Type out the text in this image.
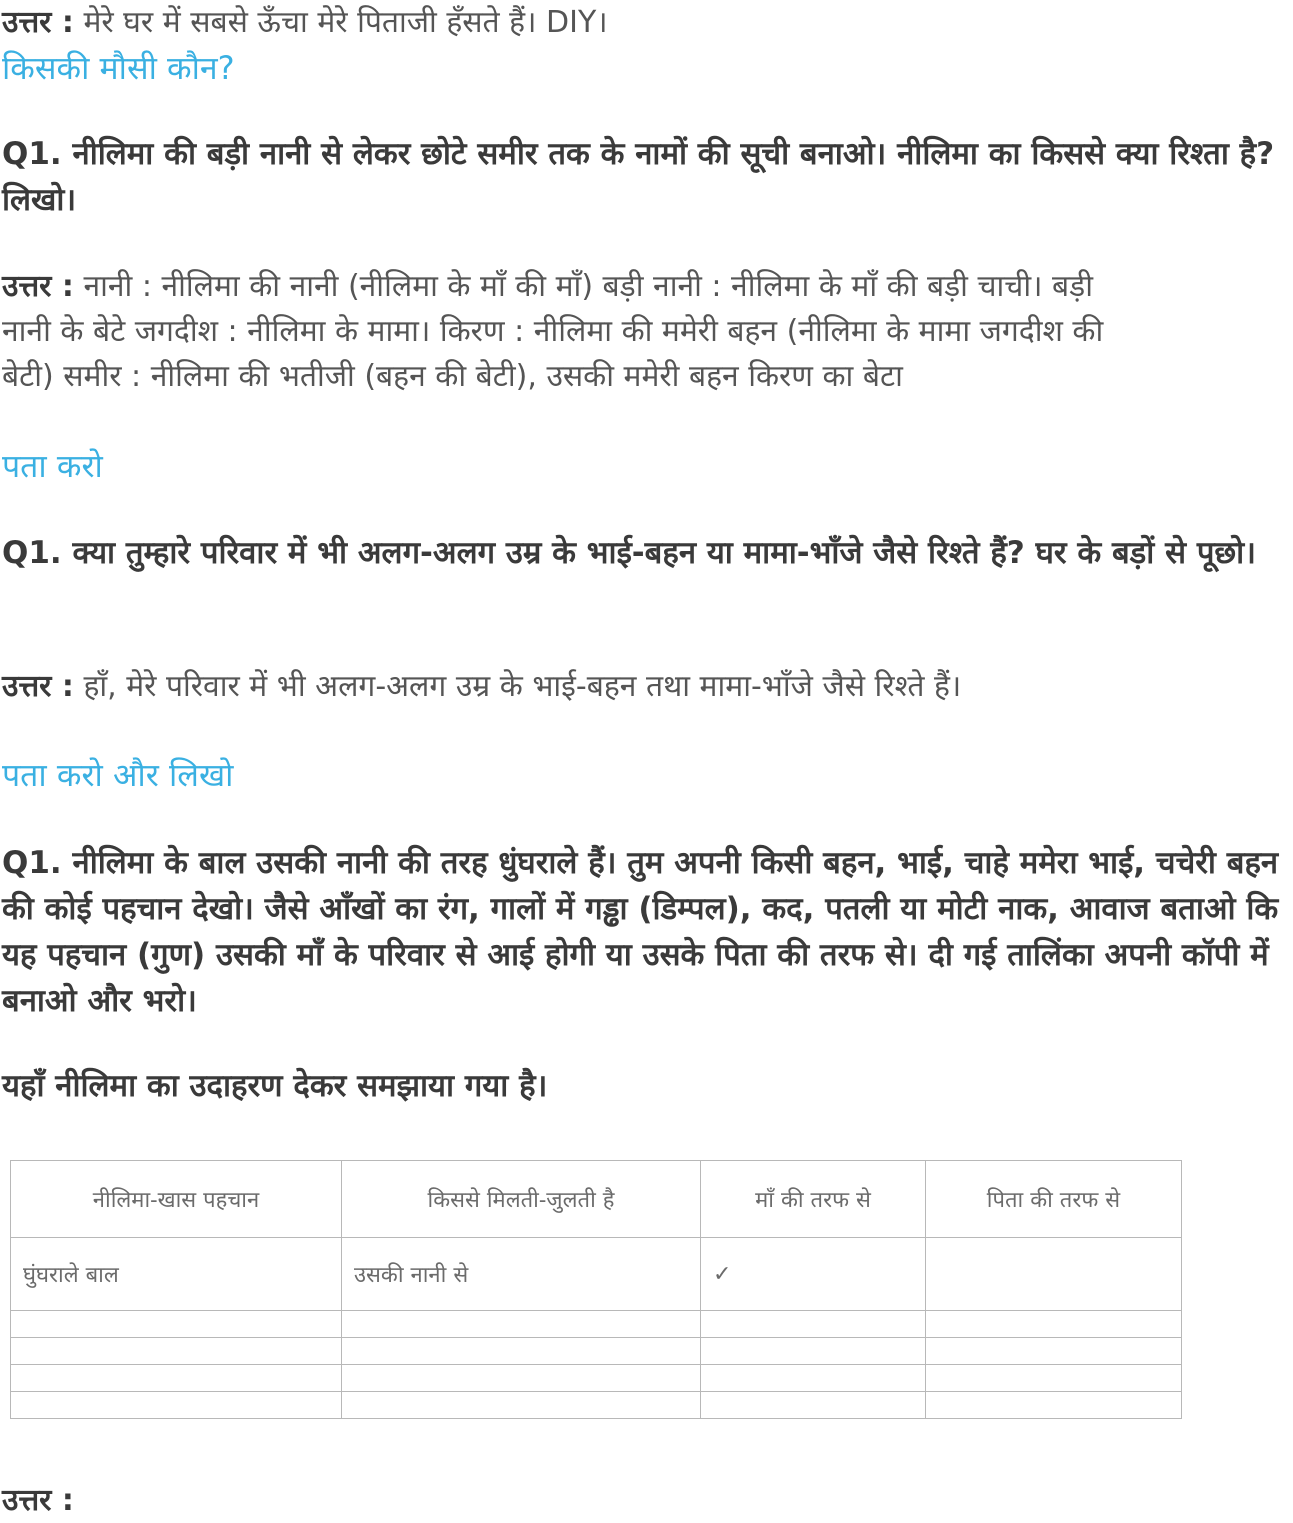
उत्तर : मेरे घर में सबसे ऊँचा मेरे पिताजी हँसते हैं। DIY।

किसकी मौसी कौन?

Q1. नीलिमा की बड़ी नानी से लेकर छोटे समीर तक के नामों की सूची बनाओ। नीलिमा का किससे क्या रिश्ता है? लिखो।

उत्तर : नानी : नीलिमा की नानी (नीलिमा के माँ की माँ) बड़ी नानी : नीलिमा के माँ की बड़ी चाची। बड़ी
नानी के बेटे जगदीश : नीलिमा के मामा। किरण : नीलिमा की ममेरी बहन (नीलिमा के मामा जगदीश की
बेटी) समीर : नीलिमा की भतीजी (बहन की बेटी), उसकी ममेरी बहन किरण का बेटा

पता करो

Q1. क्या तुम्हारे परिवार में भी अलग-अलग उम्र के भाई-बहन या मामा-भाँजे जैसे रिश्ते हैं? घर के बड़ों से पूछो।

उत्तर : हाँ, मेरे परिवार में भी अलग-अलग उम्र के भाई-बहन तथा मामा-भाँजे जैसे रिश्ते हैं।

पता करो और लिखो

Q1. नीलिमा के बाल उसकी नानी की तरह धुंघराले हैं। तुम अपनी किसी बहन, भाई, चाहे ममेरा भाई, चचेरी बहन की कोई पहचान देखो। जैसे आँखों का रंग, गालों में गड्ढा (डिम्पल), कद, पतली या मोटी नाक, आवाज बताओ कि यह पहचान (गुण) उसकी माँ के परिवार से आई होगी या उसके पिता की तरफ से। दी गई तालिंका अपनी कॉपी में बनाओ और भरो।

यहाँ नीलिमा का उदाहरण देकर समझाया गया है।

नीलिमा-खास पहचान	किससे मिलती-जुलती है	माँ की तरफ से	पिता की तरफ से
घुंघराले बाल	उसकी नानी से	✓	

उत्तर :
